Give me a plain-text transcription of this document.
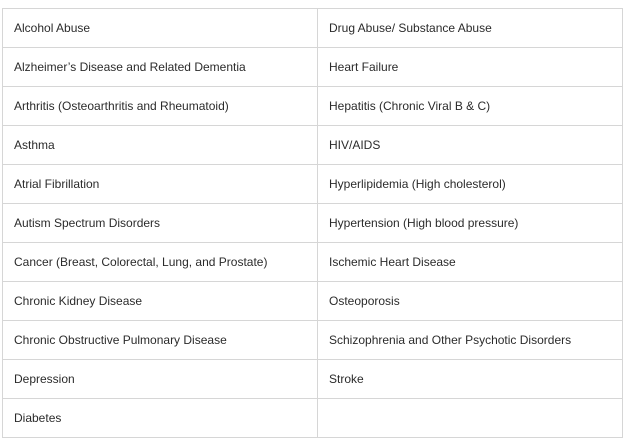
Alcohol Abuse	Drug Abuse/ Substance Abuse
Alzheimer’s Disease and Related Dementia	Heart Failure
Arthritis (Osteoarthritis and Rheumatoid)	Hepatitis (Chronic Viral B & C)
Asthma	HIV/AIDS
Atrial Fibrillation	Hyperlipidemia (High cholesterol)
Autism Spectrum Disorders	Hypertension (High blood pressure)
Cancer (Breast, Colorectal, Lung, and Prostate)	Ischemic Heart Disease
Chronic Kidney Disease	Osteoporosis
Chronic Obstructive Pulmonary Disease	Schizophrenia and Other Psychotic Disorders
Depression	Stroke
Diabetes	
